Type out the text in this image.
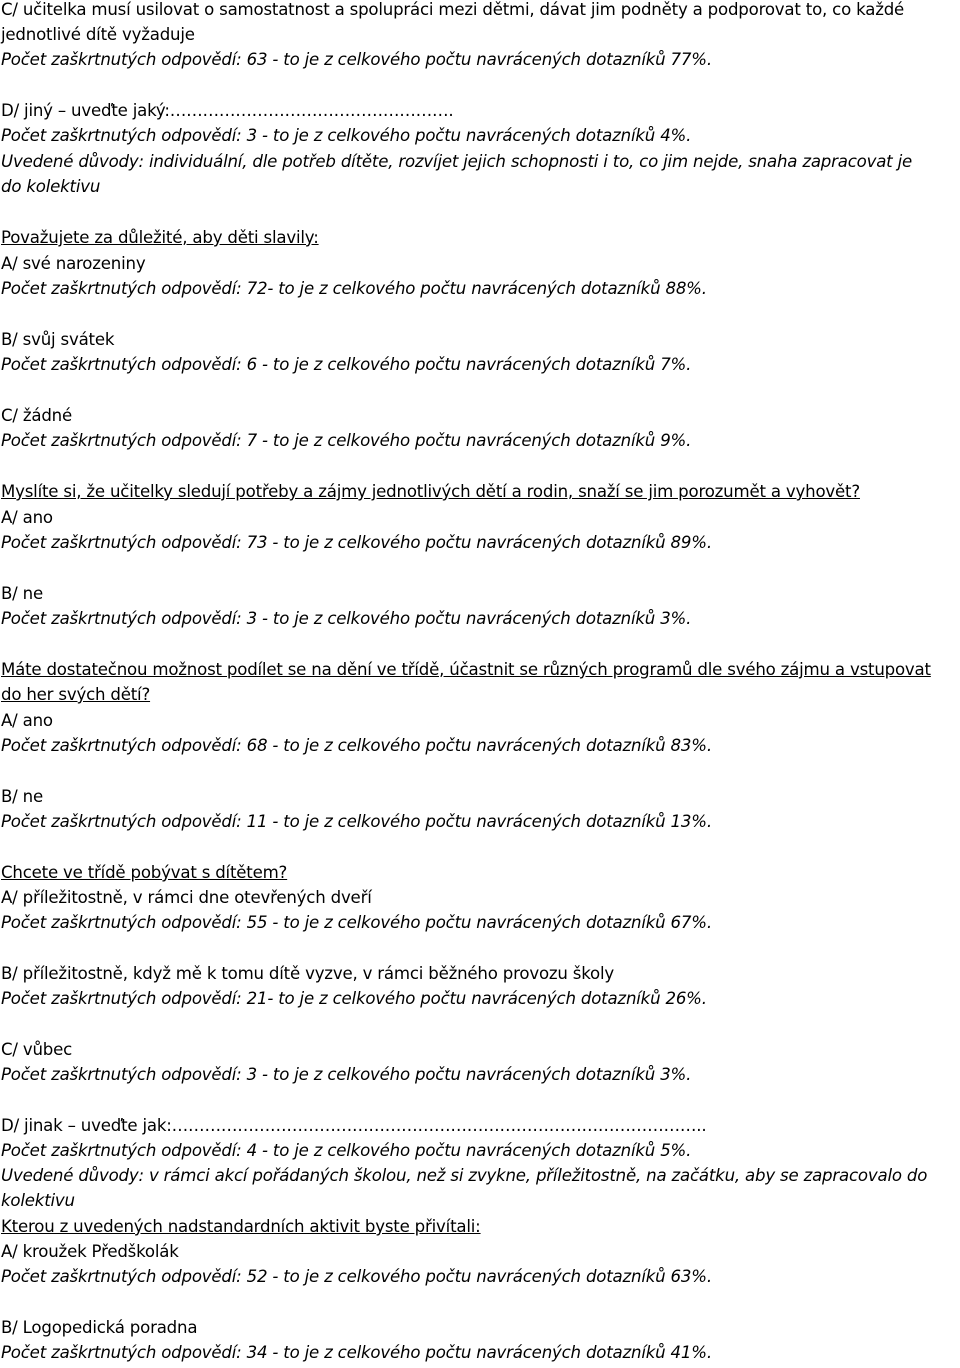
C/ učitelka musí usilovat o samostatnost a spolupráci mezi dětmi, dávat jim podněty a podporovat to, co každé
jednotlivé dítě vyžaduje
Počet zaškrtnutých odpovědí: 63 - to je z celkového počtu navrácených dotazníků 77%.
D/ jiný – uveďte jaký:…………………………………………….
Počet zaškrtnutých odpovědí: 3 - to je z celkového počtu navrácených dotazníků 4%.
Uvedené důvody: individuální, dle potřeb dítěte, rozvíjet jejich schopnosti i to, co jim nejde, snaha zapracovat je
do kolektivu
Považujete za důležité, aby děti slavily:
A/ své narozeniny
Počet zaškrtnutých odpovědí: 72- to je z celkového počtu navrácených dotazníků 88%.
B/ svůj svátek
Počet zaškrtnutých odpovědí: 6 - to je z celkového počtu navrácených dotazníků 7%.
C/ žádné
Počet zaškrtnutých odpovědí: 7 - to je z celkového počtu navrácených dotazníků 9%.
Myslíte si, že učitelky sledují potřeby a zájmy jednotlivých dětí a rodin, snaží se jim porozumět a vyhovět?
A/ ano
Počet zaškrtnutých odpovědí: 73 - to je z celkového počtu navrácených dotazníků 89%.
B/ ne
Počet zaškrtnutých odpovědí: 3 - to je z celkového počtu navrácených dotazníků 3%.
Máte dostatečnou možnost podílet se na dění ve třídě, účastnit se různých programů dle svého zájmu a vstupovat
do her svých dětí?
A/ ano
Počet zaškrtnutých odpovědí: 68 - to je z celkového počtu navrácených dotazníků 83%.
B/ ne
Počet zaškrtnutých odpovědí: 11 - to je z celkového počtu navrácených dotazníků 13%.
Chcete ve třídě pobývat s dítětem?
A/ příležitostně, v rámci dne otevřených dveří
Počet zaškrtnutých odpovědí: 55 - to je z celkového počtu navrácených dotazníků 67%.
B/ příležitostně, když mě k tomu dítě vyzve, v rámci běžného provozu školy
Počet zaškrtnutých odpovědí: 21- to je z celkového počtu navrácených dotazníků 26%.
C/ vůbec
Počet zaškrtnutých odpovědí: 3 - to je z celkového počtu navrácených dotazníků 3%.
D/ jinak – uveďte jak:……………………………………………………………………………………..
Počet zaškrtnutých odpovědí: 4 - to je z celkového počtu navrácených dotazníků 5%.
Uvedené důvody: v rámci akcí pořádaných školou, než si zvykne, příležitostně, na začátku, aby se zapracovalo do
kolektivu
Kterou z uvedených nadstandardních aktivit byste přivítali:
A/ kroužek Předškolák
Počet zaškrtnutých odpovědí: 52 - to je z celkového počtu navrácených dotazníků 63%.
B/ Logopedická poradna
Počet zaškrtnutých odpovědí: 34 - to je z celkového počtu navrácených dotazníků 41%.
